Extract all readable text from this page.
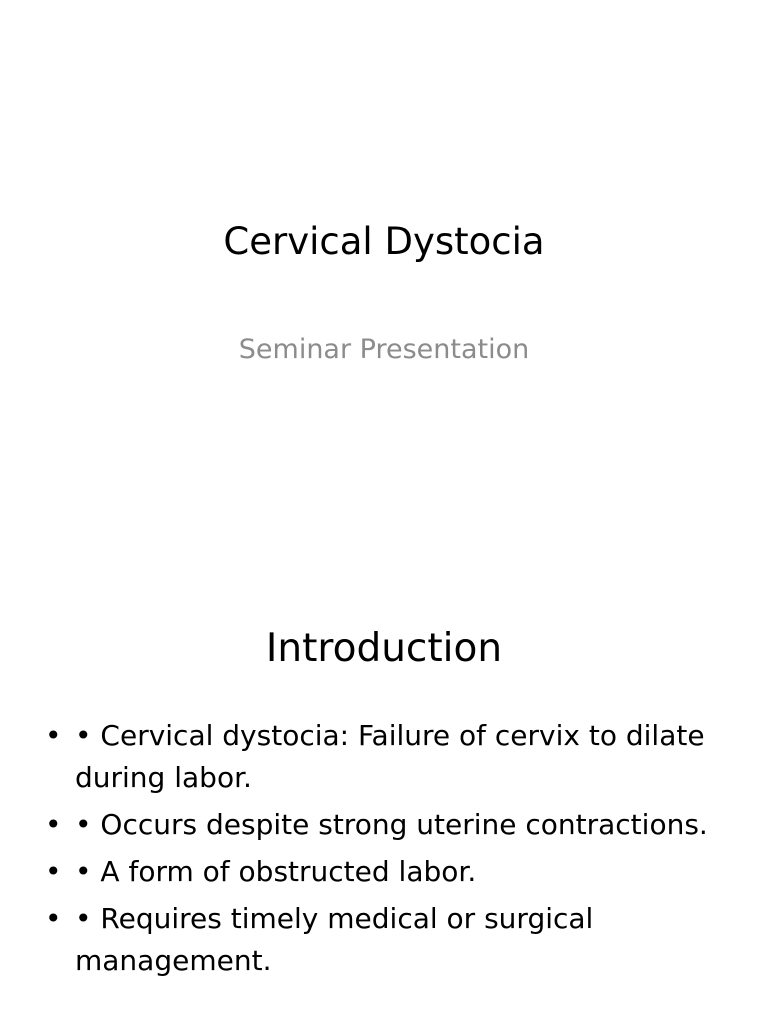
Cervical Dystocia

Seminar Presentation

Introduction
• • Cervical dystocia: Failure of cervix to dilate during labor.
• • Occurs despite strong uterine contractions.
• • A form of obstructed labor.
• • Requires timely medical or surgical management.
